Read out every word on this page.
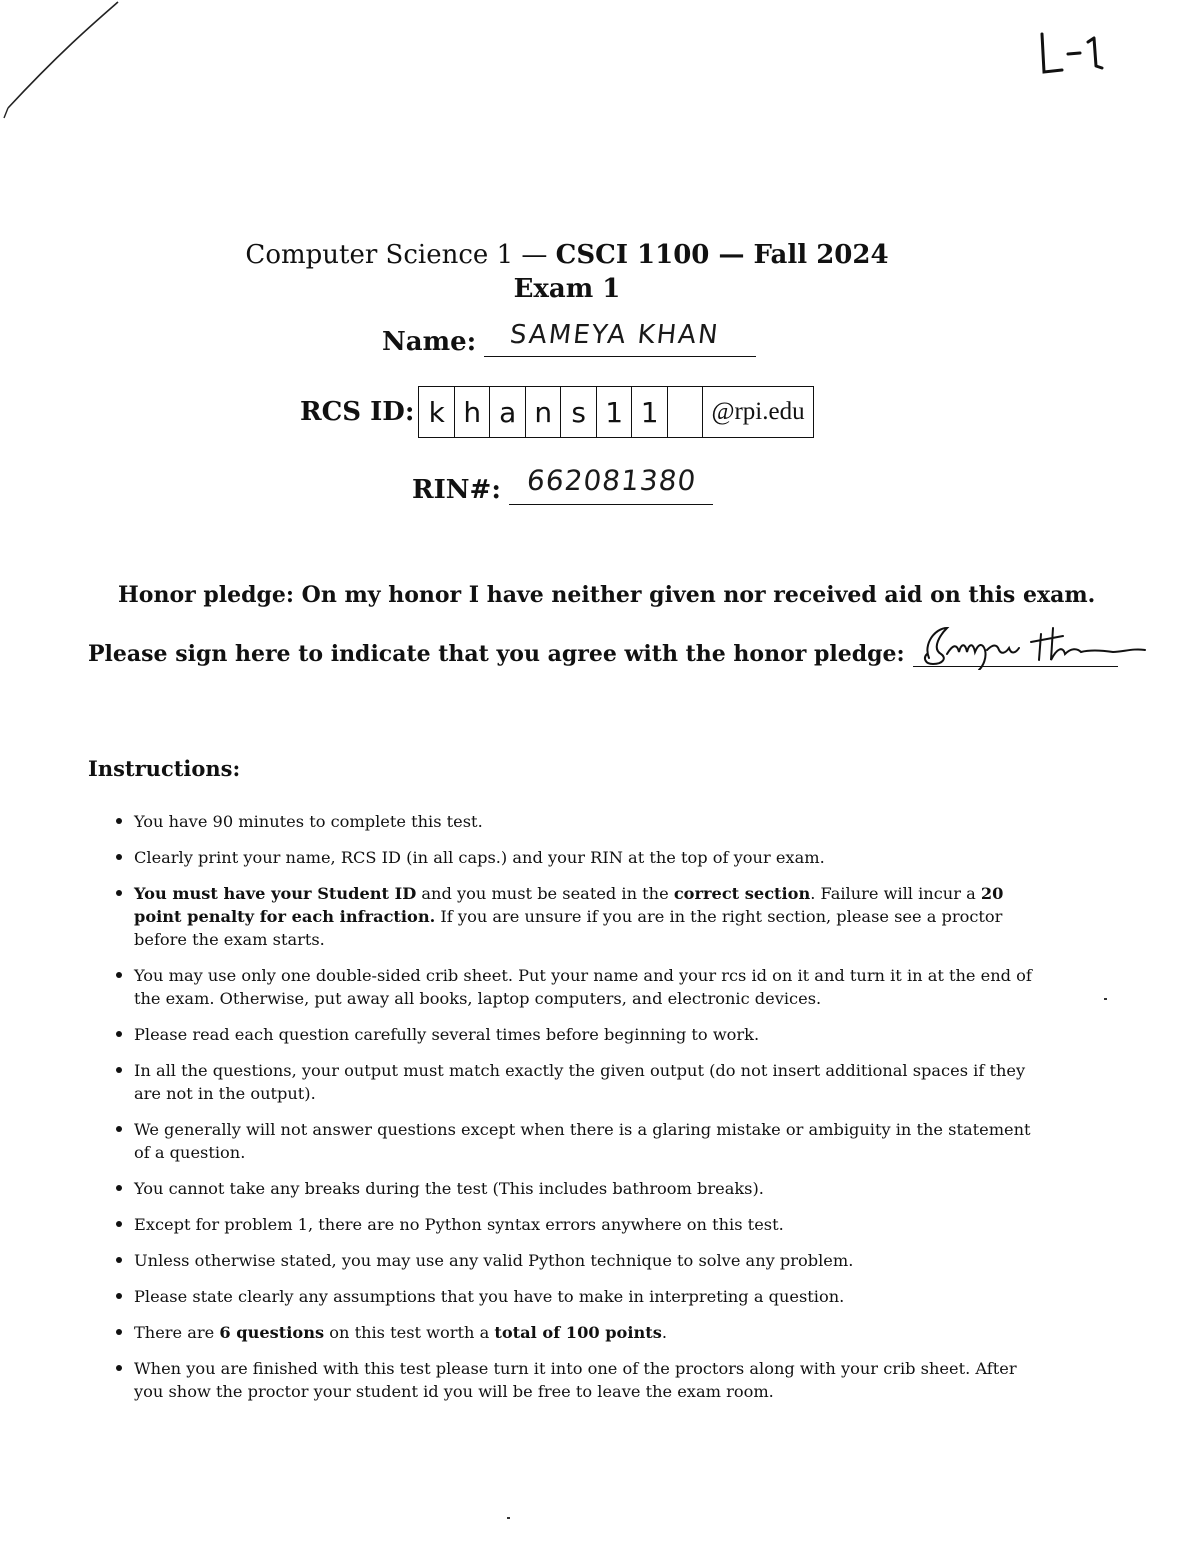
Computer Science 1 — CSCI 1100 — Fall 2024
Exam 1
Name: SAMEYA KHAN
RCS ID: k h a n s 1 1	@rpi.edu
RIN#: 662081380
Honor pledge: On my honor I have neither given nor received aid on this exam.
Please sign here to indicate that you agree with the honor pledge:
Instructions:
You have 90 minutes to complete this test.
Clearly print your name, RCS ID (in all caps.) and your RIN at the top of your exam.
You must have your Student ID and you must be seated in the correct section. Failure will incur a 20 point penalty for each infraction. If you are unsure if you are in the right section, please see a proctor before the exam starts.
You may use only one double-sided crib sheet. Put your name and your rcs id on it and turn it in at the end of the exam. Otherwise, put away all books, laptop computers, and electronic devices.
Please read each question carefully several times before beginning to work.
In all the questions, your output must match exactly the given output (do not insert additional spaces if they are not in the output).
We generally will not answer questions except when there is a glaring mistake or ambiguity in the statement of a question.
You cannot take any breaks during the test (This includes bathroom breaks).
Except for problem 1, there are no Python syntax errors anywhere on this test.
Unless otherwise stated, you may use any valid Python technique to solve any problem.
Please state clearly any assumptions that you have to make in interpreting a question.
There are 6 questions on this test worth a total of 100 points.
When you are finished with this test please turn it into one of the proctors along with your crib sheet. After you show the proctor your student id you will be free to leave the exam room.
